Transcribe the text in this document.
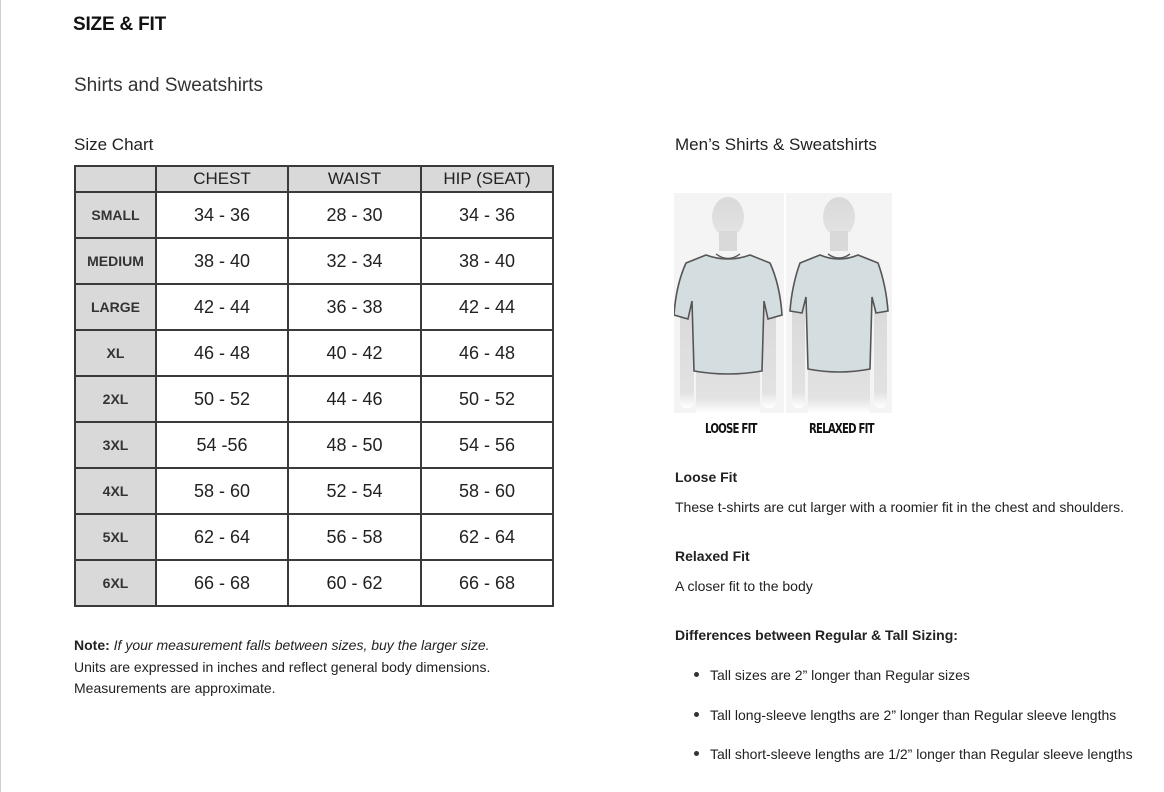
SIZE & FIT
Shirts and Sweatshirts
Size Chart
	CHEST	WAIST	HIP (SEAT)
SMALL	34 - 36	28 - 30	34 - 36
MEDIUM	38 - 40	32 - 34	38 - 40
LARGE	42 - 44	36 - 38	42 - 44
XL	46 - 48	40 - 42	46 - 48
2XL	50 - 52	44 - 46	50 - 52
3XL	54 -56	48 - 50	54 - 56
4XL	58 - 60	52 - 54	58 - 60
5XL	62 - 64	56 - 58	62 - 64
6XL	66 - 68	60 - 62	66 - 68
Note: If your measurement falls between sizes, buy the larger size.
Units are expressed in inches and reflect general body dimensions.
Measurements are approximate.
Men’s Shirts & Sweatshirts
LOOSE FIT	RELAXED FIT
Loose Fit
These t-shirts are cut larger with a roomier fit in the chest and shoulders.
Relaxed Fit
A closer fit to the body
Differences between Regular & Tall Sizing:
Tall sizes are 2” longer than Regular sizes
Tall long-sleeve lengths are 2” longer than Regular sleeve lengths
Tall short-sleeve lengths are 1/2” longer than Regular sleeve lengths
